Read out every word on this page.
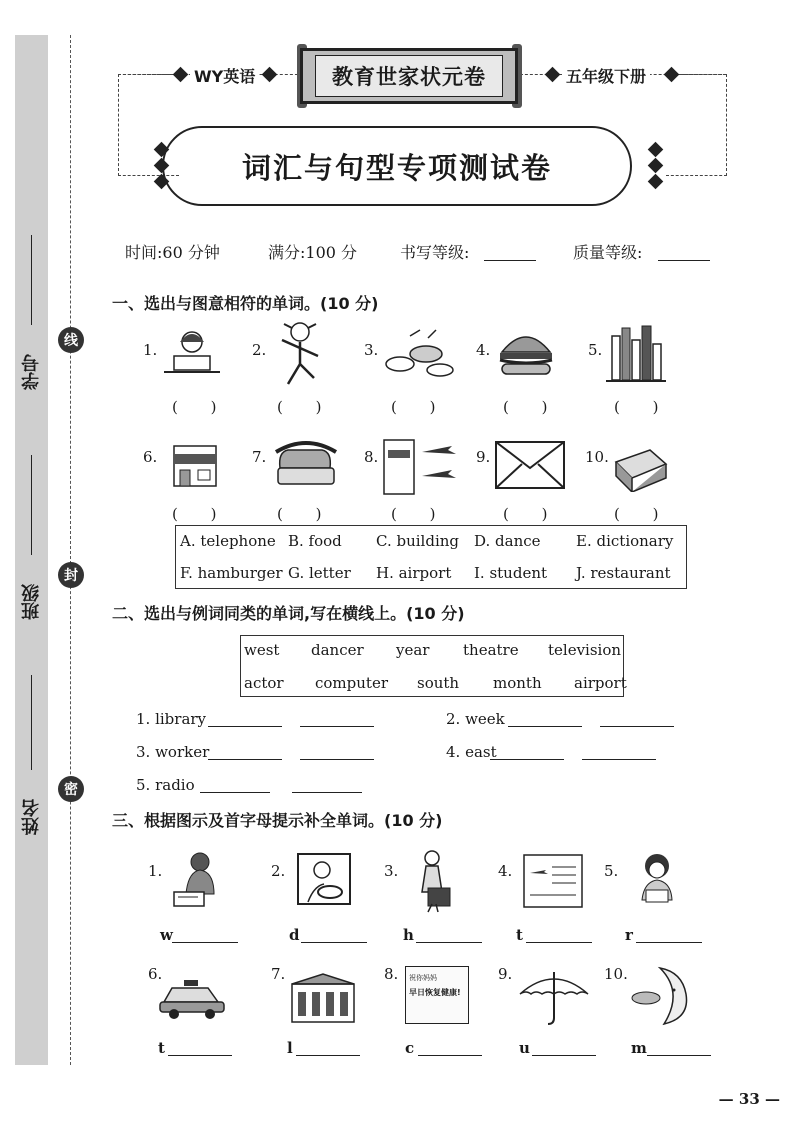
学号
班级
姓名
线
封
密
WY英语	教育世家状元卷	五年级下册
词汇与句型专项测试卷
时间:60 分钟	满分:100 分	书写等级:	质量等级:
一、选出与图意相符的单词。(10 分)
1.	2.	3.	4.	5.
( )	( )	( )	( )	( )
6.	7.	8.	9.	10.
( )	( )	( )	( )	( )
A. telephone B. food C. building D. dance E. dictionary
F. hamburger G. letter H. airport I. student J. restaurant
二、选出与例词同类的单词,写在横线上。(10 分)
west dancer year theatre television
actor computer south month airport
1. library	2. week
3. worker	4. east
5. radio
三、根据图示及首字母提示补全单词。(10 分)
1.	2.	3.	4.	5.
w	d	h	t	r
6.	7.	8.	祝你妈妈
早日恢复健康!
9.	10.
t	l	c	u	m
— 33 —
